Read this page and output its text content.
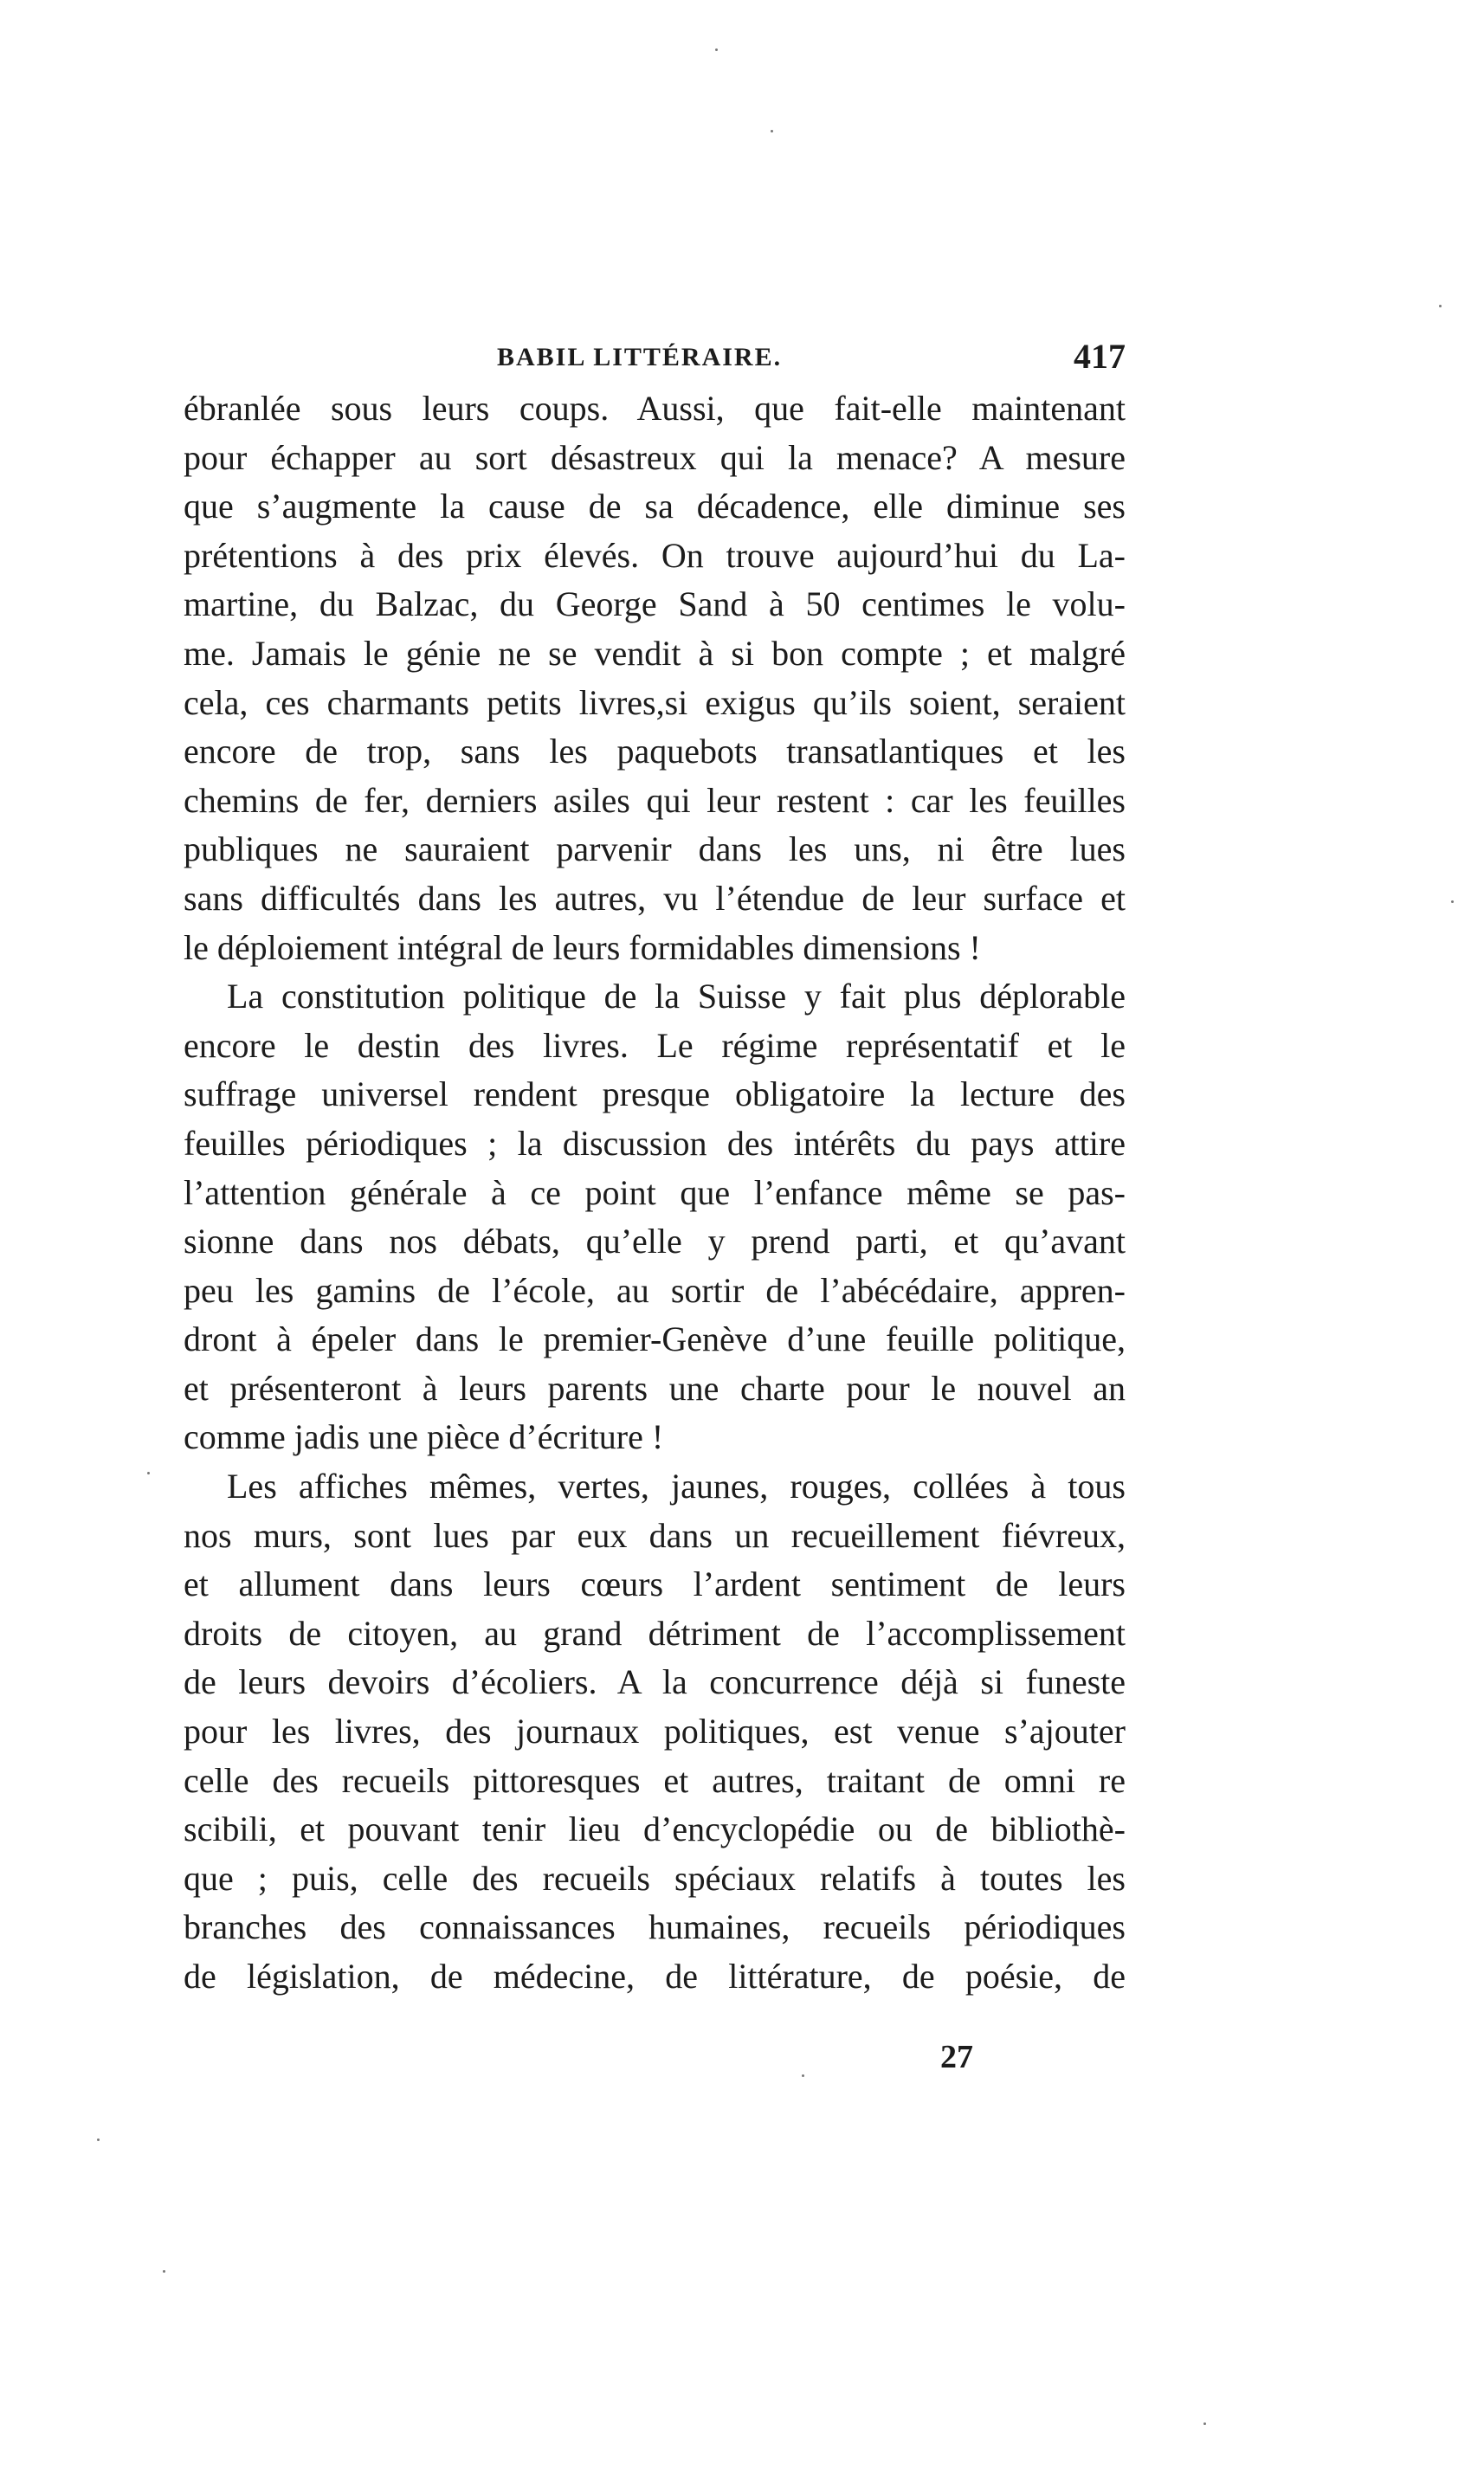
BABIL LITTÉRAIRE.	417
ébranlée sous leurs coups. Aussi, que fait-elle maintenant
pour échapper au sort désastreux qui la menace? A mesure
que s’augmente la cause de sa décadence, elle diminue ses
prétentions à des prix élevés. On trouve aujourd’hui du La-
martine, du Balzac, du George Sand à 50 centimes le volu-
me. Jamais le génie ne se vendit à si bon compte ; et malgré
cela, ces charmants petits livres,si exigus qu’ils soient, seraient
encore de trop, sans les paquebots transatlantiques et les
chemins de fer, derniers asiles qui leur restent : car les feuilles
publiques ne sauraient parvenir dans les uns, ni être lues
sans difficultés dans les autres, vu l’étendue de leur surface et
le déploiement intégral de leurs formidables dimensions !
La constitution politique de la Suisse y fait plus déplorable
encore le destin des livres. Le régime représentatif et le
suffrage universel rendent presque obligatoire la lecture des
feuilles périodiques ; la discussion des intérêts du pays attire
l’attention générale à ce point que l’enfance même se pas-
sionne dans nos débats, qu’elle y prend parti, et qu’avant
peu les gamins de l’école, au sortir de l’abécédaire, appren-
dront à épeler dans le premier-Genève d’une feuille politique,
et présenteront à leurs parents une charte pour le nouvel an
comme jadis une pièce d’écriture !
Les affiches mêmes, vertes, jaunes, rouges, collées à tous
nos murs, sont lues par eux dans un recueillement fiévreux,
et allument dans leurs cœurs l’ardent sentiment de leurs
droits de citoyen, au grand détriment de l’accomplissement
de leurs devoirs d’écoliers. A la concurrence déjà si funeste
pour les livres, des journaux politiques, est venue s’ajouter
celle des recueils pittoresques et autres, traitant de omni re
scibili, et pouvant tenir lieu d’encyclopédie ou de bibliothè-
que ; puis, celle des recueils spéciaux relatifs à toutes les
branches des connaissances humaines, recueils périodiques
de législation, de médecine, de littérature, de poésie, de
27
